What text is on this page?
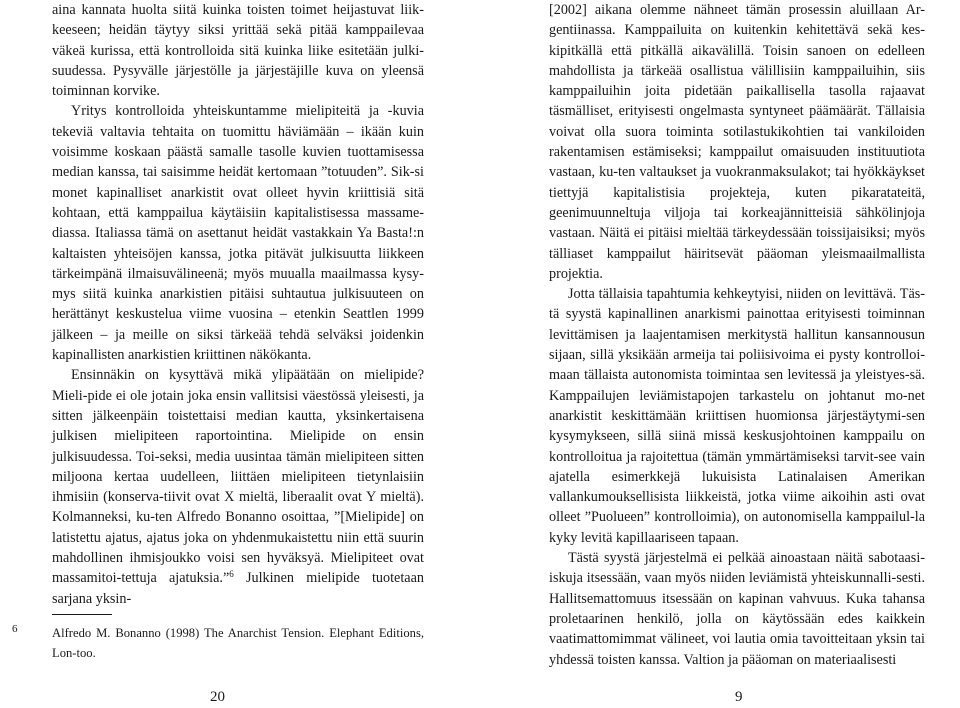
aina kannata huolta siitä kuinka toisten toimet heijastuvat liik-keeseen; heidän täytyy siksi yrittää sekä pitää kamppailevaa väkeä kurissa, että kontrolloida sitä kuinka liike esitetään julki-suudessa. Pysyvälle järjestölle ja järjestäjille kuva on yleensä toiminnan korvike.

Yritys kontrolloida yhteiskuntamme mielipiteitä ja -kuvia tekeviä valtavia tehtaita on tuomittu häviämään – ikään kuin voisimme koskaan päästä samalle tasolle kuvien tuottamisessa median kanssa, tai saisimme heidät kertomaan ”totuuden”. Sik-si monet kapinalliset anarkistit ovat olleet hyvin kriittisiä sitä kohtaan, että kamppailua käytäisiin kapitalistisessa massame-diassa. Italiassa tämä on asettanut heidät vastakkain Ya Basta!:n kaltaisten yhteisöjen kanssa, jotka pitävät julkisuutta liikkeen tärkeimpänä ilmaisuvälineenä; myös muualla maailmassa kysy-mys siitä kuinka anarkistien pitäisi suhtautua julkisuuteen on herättänyt keskustelua viime vuosina – etenkin Seattlen 1999 jälkeen – ja meille on siksi tärkeää tehdä selväksi joidenkin kapinallisten anarkistien kriittinen näkökanta.

Ensinnäkin on kysyttävä mikä ylipäätään on mielipide? Mieli-pide ei ole jotain joka ensin vallitsisi väestössä yleisesti, ja sitten jälkeenpäin toistettaisi median kautta, yksinkertaisena julkisen mielipiteen raportointina. Mielipide on ensin julkisuudessa. Toi-seksi, media uusintaa tämän mielipiteen sitten miljoona kertaa uudelleen, liittäen mielipiteen tietynlaisiin ihmisiin (konserva-tiivit ovat X mieltä, liberaalit ovat Y mieltä). Kolmanneksi, ku-ten Alfredo Bonanno osoittaa, ”[Mielipide] on latistettu ajatus, ajatus joka on yhdenmukaistettu niin että suurin mahdollinen ihmisjoukko voisi sen hyväksyä. Mielipiteet ovat massamitoi-tettuja ajatuksia.”$^6$ Julkinen mielipide tuotetaan sarjana yksin-

6	Alfredo M. Bonanno (1998) The Anarchist Tension. Elephant Editions, Lon-too.
20

[2002] aikana olemme nähneet tämän prosessin aluillaan Ar-gentiinassa. Kamppailuita on kuitenkin kehitettävä sekä kes-kipitkällä että pitkällä aikavälillä. Toisin sanoen on edelleen mahdollista ja tärkeää osallistua välillisiin kamppailuihin, siis kamppailuihin joita pidetään paikallisella tasolla rajaavat täsmälliset, erityisesti ongelmasta syntyneet päämäärät. Tällaisia voivat olla suora toiminta sotilastukikohtien tai vankiloiden rakentamisen estämiseksi; kamppailut omaisuuden instituutiota vastaan, ku-ten valtaukset ja vuokranmaksulakot; tai hyökkäykset tiettyjä kapitalistisia projekteja, kuten pikaratateitä, geenimuunneltuja viljoja tai korkeajännitteisiä sähkölinjoja vastaan. Näitä ei pitäisi mieltää tärkeydessään toissijaisiksi; myös tälliaset kamppailut häiritsevät pääoman yleismaailmallista projektia.

Jotta tällaisia tapahtumia kehkeytyisi, niiden on levittävä. Täs-tä syystä kapinallinen anarkismi painottaa erityisesti toiminnan levittämisen ja laajentamisen merkitystä hallitun kansannousun sijaan, sillä yksikään armeija tai poliisivoima ei pysty kontrolloi-maan tällaista autonomista toimintaa sen levitessä ja yleistyes-sä. Kamppailujen leviämistapojen tarkastelu on johtanut mo-net anarkistit keskittämään kriittisen huomionsa järjestäytymi-sen kysymykseen, sillä siinä missä keskusjohtoinen kamppailu on kontrolloitua ja rajoitettua (tämän ymmärtämiseksi tarvit-see vain ajatella esimerkkejä lukuisista Latinalaisen Amerikan vallankumouksellisista liikkeistä, jotka viime aikoihin asti ovat olleet ”Puolueen” kontrolloimia), on autonomisella kamppailul-la kyky levitä kapillaariseen tapaan.

Tästä syystä järjestelmä ei pelkää ainoastaan näitä sabotaasi-iskuja itsessään, vaan myös niiden leviämistä yhteiskunnalli-sesti. Hallitsemattomuus itsessään on kapinan vahvuus. Kuka tahansa proletaarinen henkilö, jolla on käytössään edes kaikkein vaatimattomimmat välineet, voi lautia omia tavoitteitaan yksin tai yhdessä toisten kanssa. Valtion ja pääoman on materiaalisesti

9
